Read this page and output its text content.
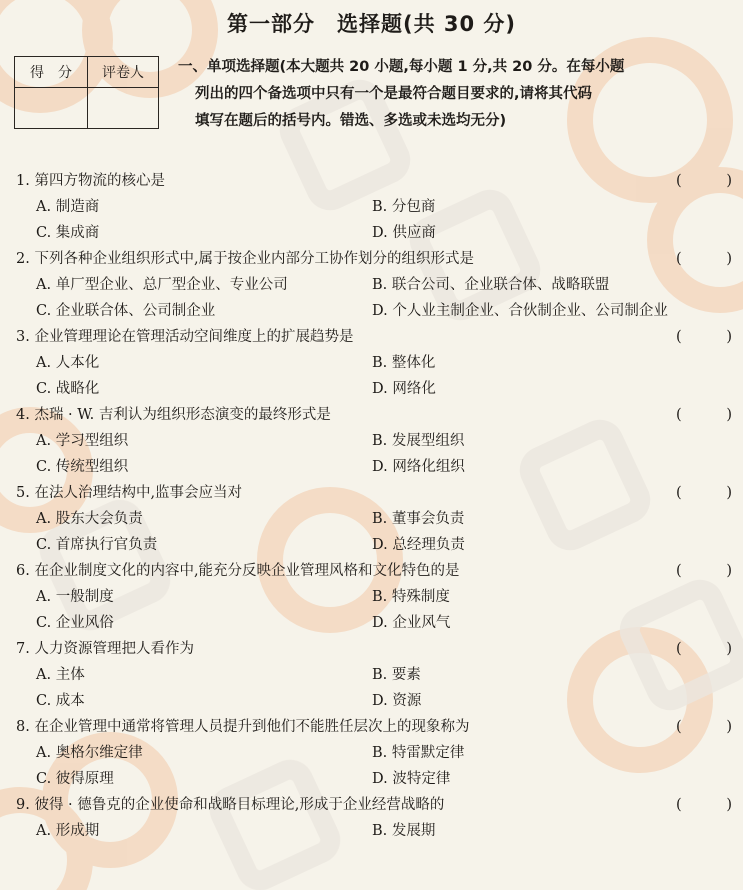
第一部分　选择题(共 30 分)
得　分	评卷人
	一、单项选择题(本大题共 20 小题,每小题 1 分,共 20 分。在每小题
列出的四个备选项中只有一个是最符合题目要求的,请将其代码
填写在题后的括号内。错选、多选或未选均无分)
1. 第四方物流的核心是	(	)
A. 制造商	B. 分包商
C. 集成商	D. 供应商
2. 下列各种企业组织形式中,属于按企业内部分工协作划分的组织形式是	(	)
A. 单厂型企业、总厂型企业、专业公司	B. 联合公司、企业联合体、战略联盟
C. 企业联合体、公司制企业	D. 个人业主制企业、合伙制企业、公司制企业
3. 企业管理理论在管理活动空间维度上的扩展趋势是	(	)
A. 人本化	B. 整体化
C. 战略化	D. 网络化
4. 杰瑞 · W. 吉利认为组织形态演变的最终形式是	(	)
A. 学习型组织	B. 发展型组织
C. 传统型组织	D. 网络化组织
5. 在法人治理结构中,监事会应当对	(	)
A. 股东大会负责	B. 董事会负责
C. 首席执行官负责	D. 总经理负责
6. 在企业制度文化的内容中,能充分反映企业管理风格和文化特色的是	(	)
A. 一般制度	B. 特殊制度
C. 企业风俗	D. 企业风气
7. 人力资源管理把人看作为	(	)
A. 主体	B. 要素
C. 成本	D. 资源
8. 在企业管理中通常将管理人员提升到他们不能胜任层次上的现象称为	(	)
A. 奥格尔维定律	B. 特雷默定律
C. 彼得原理	D. 波特定律
9. 彼得 · 德鲁克的企业使命和战略目标理论,形成于企业经营战略的	(	)
A. 形成期	B. 发展期
